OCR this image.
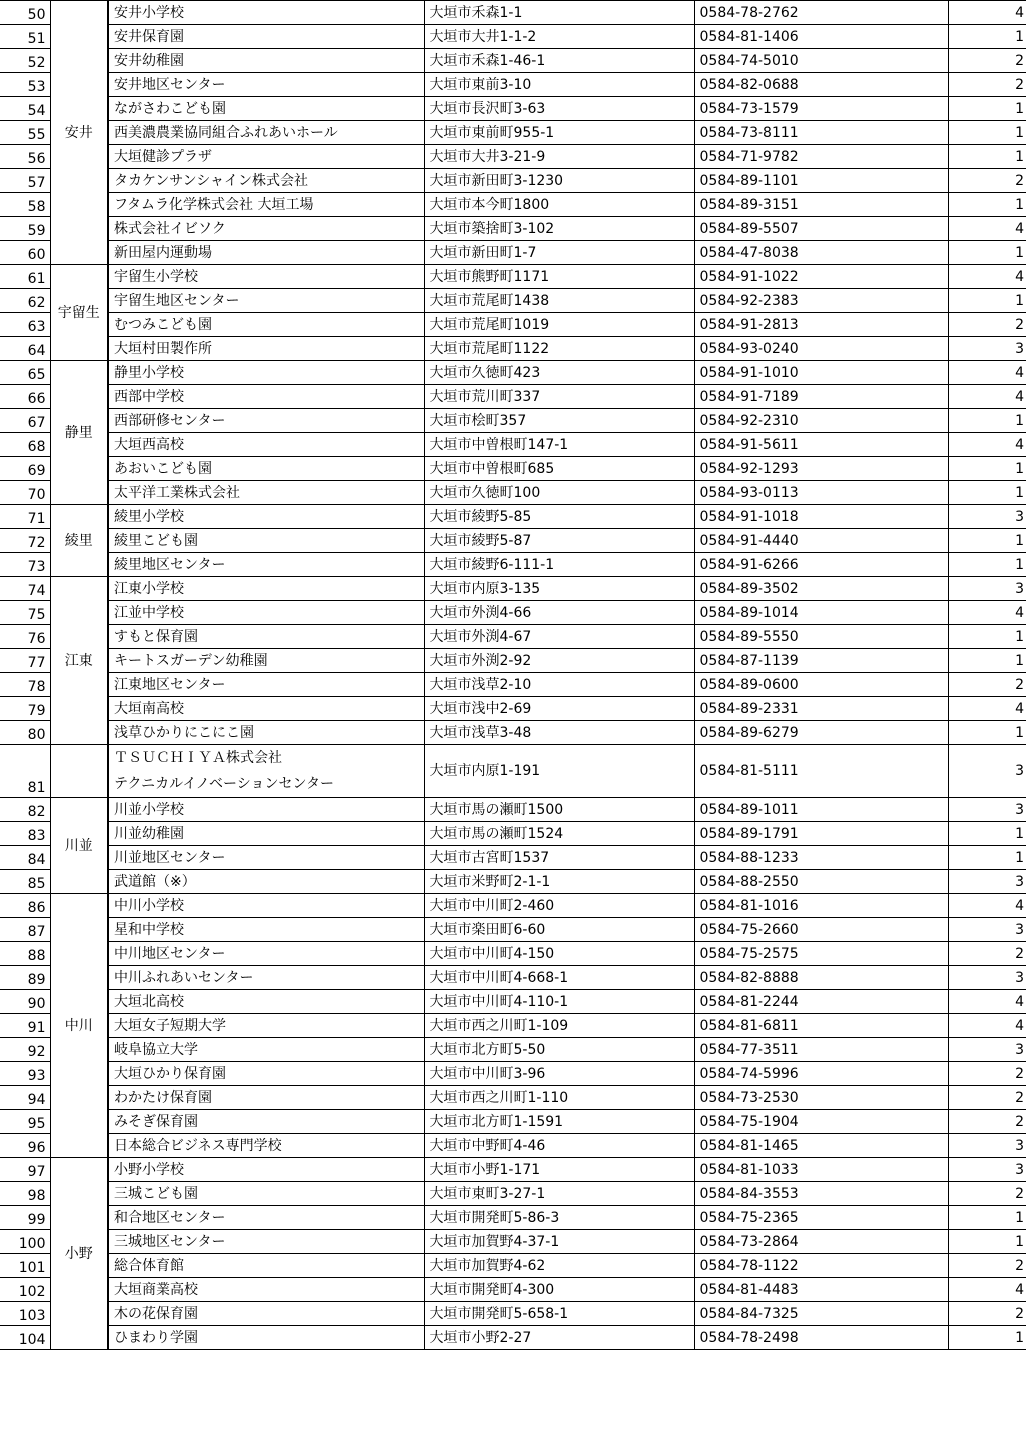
50	安井	安井小学校	大垣市禾森1-1	0584-78-2762	4
51		安井保育園	大垣市大井1-1-2	0584-81-1406	1
52		安井幼稚園	大垣市禾森1-46-1	0584-74-5010	2
53		安井地区センター	大垣市東前3-10	0584-82-0688	2
54		ながさわこども園	大垣市長沢町3-63	0584-73-1579	1
55		西美濃農業協同組合ふれあいホール	大垣市東前町955-1	0584-73-8111	1
56		大垣健診プラザ	大垣市大井3-21-9	0584-71-9782	1
57		タカケンサンシャイン株式会社	大垣市新田町3-1230	0584-89-1101	2
58		フタムラ化学株式会社 大垣工場	大垣市本今町1800	0584-89-3151	1
59		株式会社イビソク	大垣市築捨町3-102	0584-89-5507	4
60		新田屋内運動場	大垣市新田町1-7	0584-47-8038	1
61	宇留生	宇留生小学校	大垣市熊野町1171	0584-91-1022	4
62		宇留生地区センター	大垣市荒尾町1438	0584-92-2383	1
63		むつみこども園	大垣市荒尾町1019	0584-91-2813	2
64		大垣村田製作所	大垣市荒尾町1122	0584-93-0240	3
65	静里	静里小学校	大垣市久徳町423	0584-91-1010	4
66		西部中学校	大垣市荒川町337	0584-91-7189	4
67		西部研修センター	大垣市桧町357	0584-92-2310	1
68		大垣西高校	大垣市中曽根町147-1	0584-91-5611	4
69		あおいこども園	大垣市中曽根町685	0584-92-1293	1
70		太平洋工業株式会社	大垣市久徳町100	0584-93-0113	1
71	綾里	綾里小学校	大垣市綾野5-85	0584-91-1018	3
72		綾里こども園	大垣市綾野5-87	0584-91-4440	1
73		綾里地区センター	大垣市綾野6-111-1	0584-91-6266	1
74	江東	江東小学校	大垣市内原3-135	0584-89-3502	3
75		江並中学校	大垣市外渕4-66	0584-89-1014	4
76		すもと保育園	大垣市外渕4-67	0584-89-5550	1
77		キートスガーデン幼稚園	大垣市外渕2-92	0584-87-1139	1
78		江東地区センター	大垣市浅草2-10	0584-89-0600	2
79		大垣南高校	大垣市浅中2-69	0584-89-2331	4
80		浅草ひかりにこにこ園	大垣市浅草3-48	0584-89-6279	1
81		ＴＳＵＣＨＩＹＡ株式会社
テクニカルイノベーションセンター	大垣市内原1-191	0584-81-5111	3
82	川並	川並小学校	大垣市馬の瀬町1500	0584-89-1011	3
83		川並幼稚園	大垣市馬の瀬町1524	0584-89-1791	1
84		川並地区センター	大垣市古宮町1537	0584-88-1233	1
85		武道館（※）	大垣市米野町2-1-1	0584-88-2550	3
86	中川	中川小学校	大垣市中川町2-460	0584-81-1016	4
87		星和中学校	大垣市楽田町6-60	0584-75-2660	3
88		中川地区センター	大垣市中川町4-150	0584-75-2575	2
89		中川ふれあいセンター	大垣市中川町4-668-1	0584-82-8888	3
90		大垣北高校	大垣市中川町4-110-1	0584-81-2244	4
91		大垣女子短期大学	大垣市西之川町1-109	0584-81-6811	4
92		岐阜協立大学	大垣市北方町5-50	0584-77-3511	3
93		大垣ひかり保育園	大垣市中川町3-96	0584-74-5996	2
94		わかたけ保育園	大垣市西之川町1-110	0584-73-2530	2
95		みそぎ保育園	大垣市北方町1-1591	0584-75-1904	2
96		日本総合ビジネス専門学校	大垣市中野町4-46	0584-81-1465	3
97	小野	小野小学校	大垣市小野1-171	0584-81-1033	3
98		三城こども園	大垣市東町3-27-1	0584-84-3553	2
99		和合地区センター	大垣市開発町5-86-3	0584-75-2365	1
100		三城地区センター	大垣市加賀野4-37-1	0584-73-2864	1
101		総合体育館	大垣市加賀野4-62	0584-78-1122	2
102		大垣商業高校	大垣市開発町4-300	0584-81-4483	4
103		木の花保育園	大垣市開発町5-658-1	0584-84-7325	2
104		ひまわり学園	大垣市小野2-27	0584-78-2498	1
